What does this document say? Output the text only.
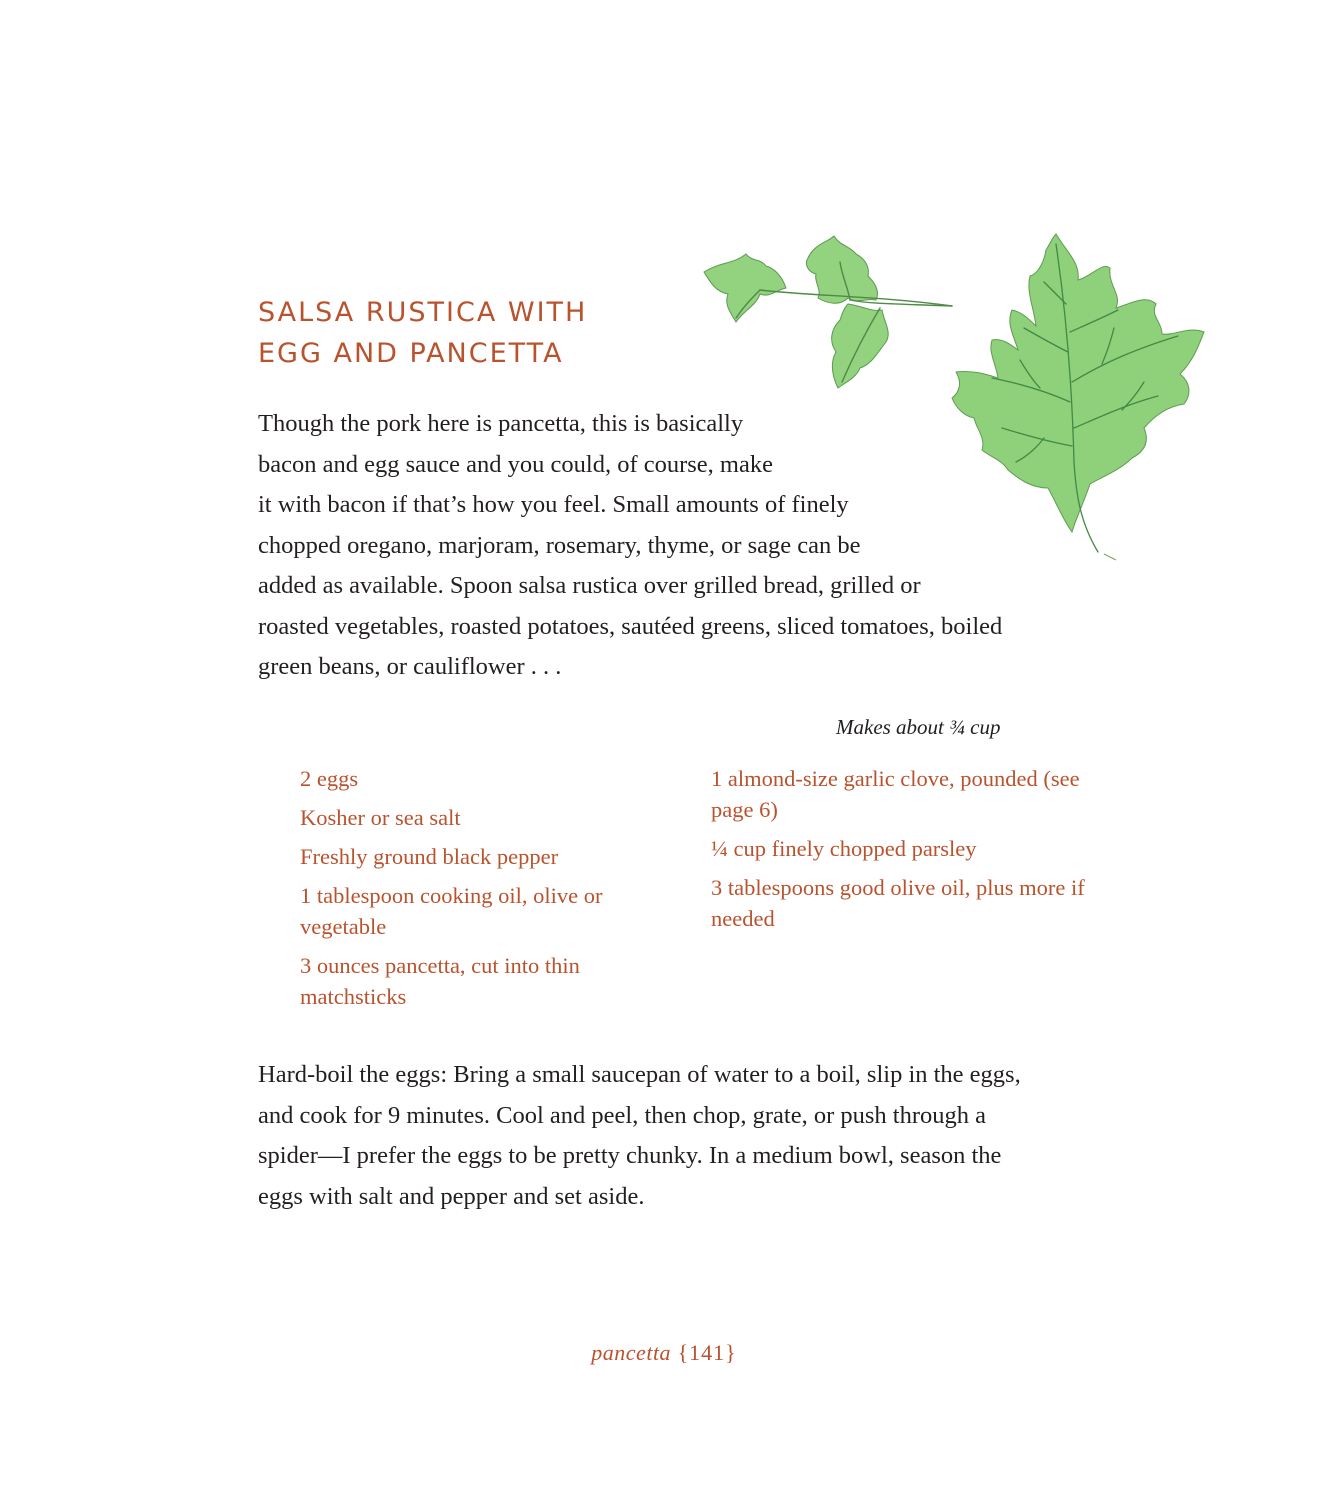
SALSA RUSTICA WITH
EGG AND PANCETTA

Though the pork here is pancetta, this is basically
bacon and egg sauce and you could, of course, make
it with bacon if that’s how you feel. Small amounts of finely
chopped oregano, marjoram, rosemary, thyme, or sage can be
added as available. Spoon salsa rustica over grilled bread, grilled or
roasted vegetables, roasted potatoes, sautéed greens, sliced tomatoes, boiled
green beans, or cauliflower . . .

Makes about ¾ cup

2 eggs
Kosher or sea salt
Freshly ground black pepper
1 tablespoon cooking oil, olive or vegetable
3 ounces pancetta, cut into thin matchsticks
1 almond-size garlic clove, pounded (see page 6)
¼ cup finely chopped parsley
3 tablespoons good olive oil, plus more if needed

Hard-boil the eggs: Bring a small saucepan of water to a boil, slip in the eggs,
and cook for 9 minutes. Cool and peel, then chop, grate, or push through a
spider—I prefer the eggs to be pretty chunky. In a medium bowl, season the
eggs with salt and pepper and set aside.

pancetta {141}
